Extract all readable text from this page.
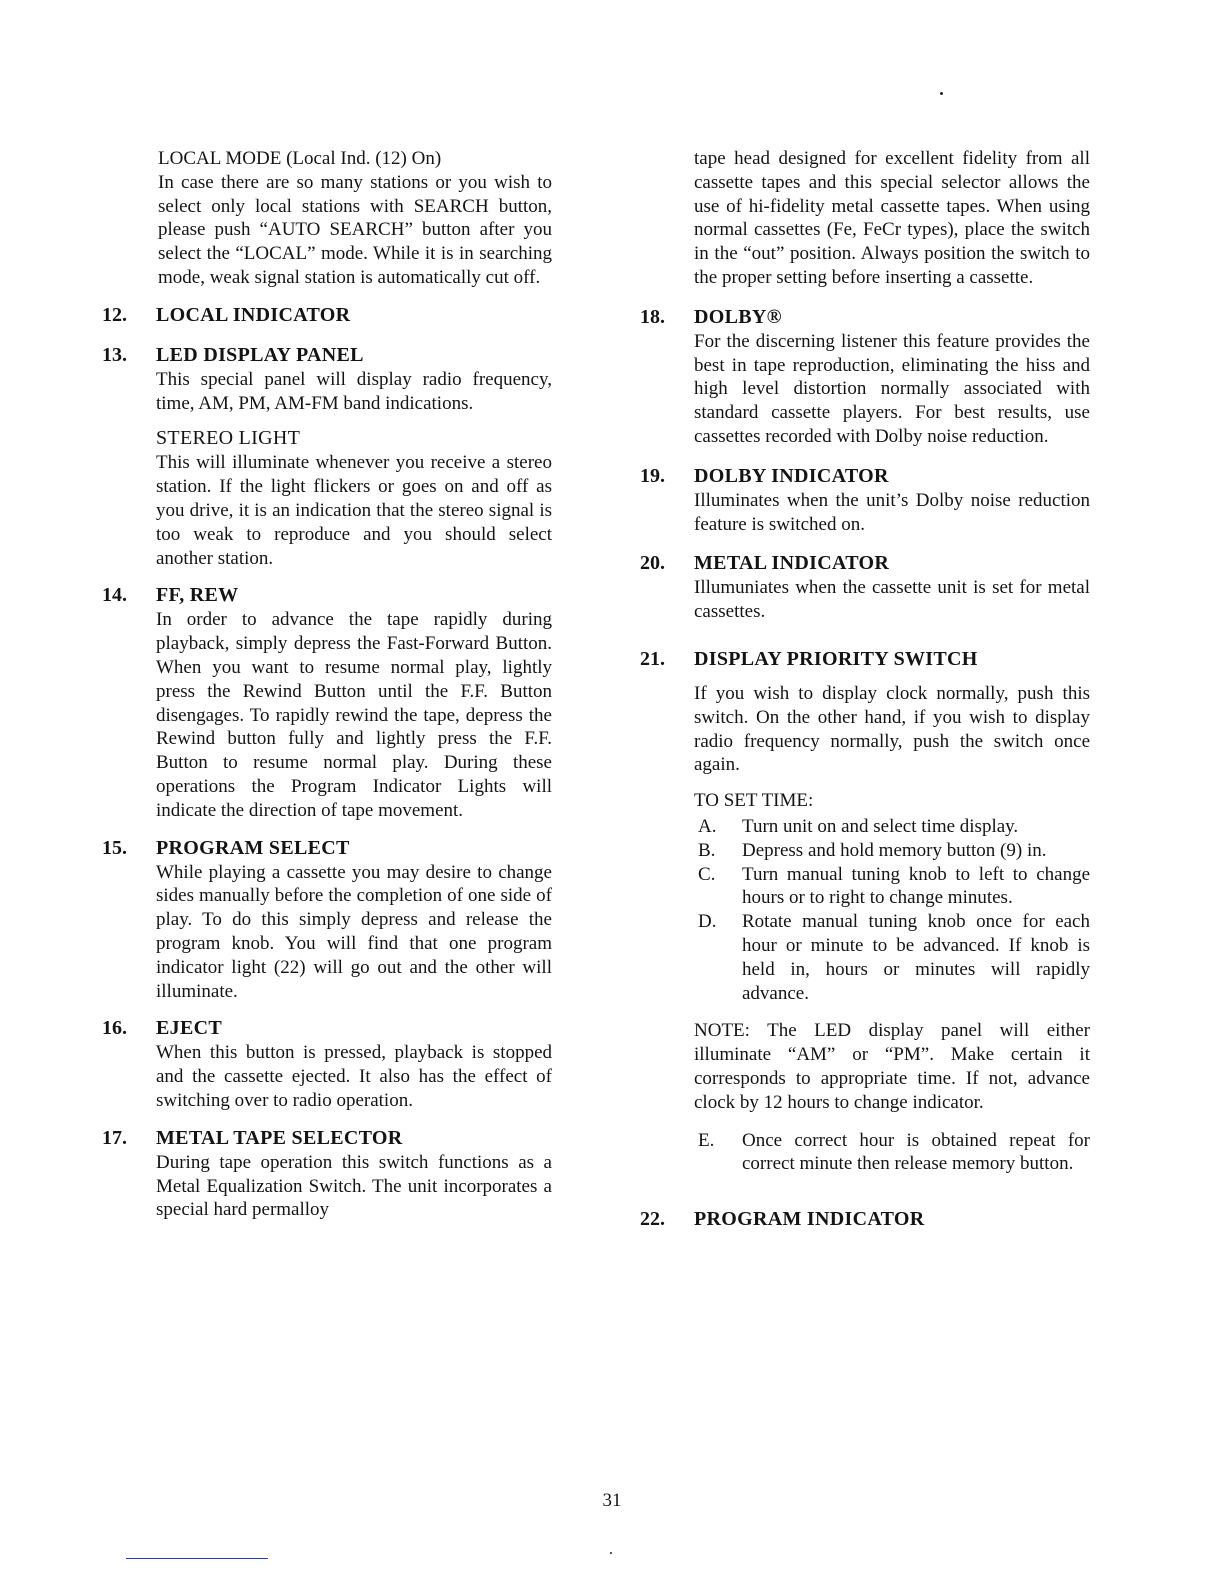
LOCAL MODE (Local Ind. (12) On)

In case there are so many stations or you wish to select only local stations with SEARCH button, please push “AUTO SEARCH” button after you select the “LOCAL” mode. While it is in searching mode, weak signal station is automatically cut off.

12. LOCAL INDICATOR
13. LED DISPLAY PANEL

This special panel will display radio frequency, time, AM, PM, AM-FM band indications.

STEREO LIGHT

This will illuminate whenever you receive a stereo station. If the light flickers or goes on and off as you drive, it is an indication that the stereo signal is too weak to reproduce and you should select another station.

14. FF, REW

In order to advance the tape rapidly during playback, simply depress the Fast-Forward Button. When you want to resume normal play, lightly press the Rewind Button until the F.F. Button disengages. To rapidly rewind the tape, depress the Rewind button fully and lightly press the F.F. Button to resume normal play. During these operations the Program Indicator Lights will indicate the direction of tape movement.

15. PROGRAM SELECT

While playing a cassette you may desire to change sides manually before the completion of one side of play. To do this simply depress and release the program knob. You will find that one program indicator light (22) will go out and the other will illuminate.

16. EJECT

When this button is pressed, playback is stopped and the cassette ejected. It also has the effect of switching over to radio operation.

17. METAL TAPE SELECTOR

During tape operation this switch functions as a Metal Equalization Switch. The unit incorporates a special hard permalloy

tape head designed for excellent fidelity from all cassette tapes and this special selector allows the use of hi-fidelity metal cassette tapes. When using normal cassettes (Fe, FeCr types), place the switch in the “out” position. Always position the switch to the proper setting before inserting a cassette.

18. DOLBY®

For the discerning listener this feature provides the best in tape reproduction, eliminating the hiss and high level distortion normally associated with standard cassette players. For best results, use cassettes recorded with Dolby noise reduction.

19. DOLBY INDICATOR

Illuminates when the unit’s Dolby noise reduction feature is switched on.

20. METAL INDICATOR

Illumuniates when the cassette unit is set for metal cassettes.

21. DISPLAY PRIORITY SWITCH

If you wish to display clock normally, push this switch. On the other hand, if you wish to display radio frequency normally, push the switch once again.

TO SET TIME:

A. Turn unit on and select time display.
B. Depress and hold memory button (9) in.
C. Turn manual tuning knob to left to change hours or to right to change minutes.
D. Rotate manual tuning knob once for each hour or minute to be advanced. If knob is held in, hours or minutes will rapidly advance.

NOTE: The LED display panel will either illuminate “AM” or “PM”. Make certain it corresponds to appropriate time. If not, advance clock by 12 hours to change indicator.

E. Once correct hour is obtained repeat for correct minute then release memory button.
22. PROGRAM INDICATOR
31
